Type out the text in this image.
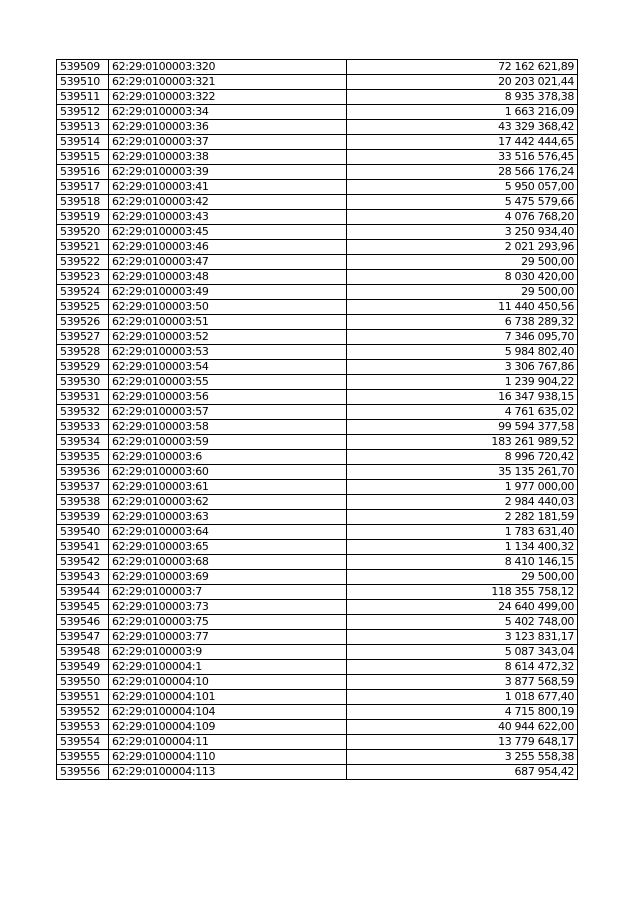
539509	62:29:0100003:320	72 162 621,89
539510	62:29:0100003:321	20 203 021,44
539511	62:29:0100003:322	8 935 378,38
539512	62:29:0100003:34	1 663 216,09
539513	62:29:0100003:36	43 329 368,42
539514	62:29:0100003:37	17 442 444,65
539515	62:29:0100003:38	33 516 576,45
539516	62:29:0100003:39	28 566 176,24
539517	62:29:0100003:41	5 950 057,00
539518	62:29:0100003:42	5 475 579,66
539519	62:29:0100003:43	4 076 768,20
539520	62:29:0100003:45	3 250 934,40
539521	62:29:0100003:46	2 021 293,96
539522	62:29:0100003:47	29 500,00
539523	62:29:0100003:48	8 030 420,00
539524	62:29:0100003:49	29 500,00
539525	62:29:0100003:50	11 440 450,56
539526	62:29:0100003:51	6 738 289,32
539527	62:29:0100003:52	7 346 095,70
539528	62:29:0100003:53	5 984 802,40
539529	62:29:0100003:54	3 306 767,86
539530	62:29:0100003:55	1 239 904,22
539531	62:29:0100003:56	16 347 938,15
539532	62:29:0100003:57	4 761 635,02
539533	62:29:0100003:58	99 594 377,58
539534	62:29:0100003:59	183 261 989,52
539535	62:29:0100003:6	8 996 720,42
539536	62:29:0100003:60	35 135 261,70
539537	62:29:0100003:61	1 977 000,00
539538	62:29:0100003:62	2 984 440,03
539539	62:29:0100003:63	2 282 181,59
539540	62:29:0100003:64	1 783 631,40
539541	62:29:0100003:65	1 134 400,32
539542	62:29:0100003:68	8 410 146,15
539543	62:29:0100003:69	29 500,00
539544	62:29:0100003:7	118 355 758,12
539545	62:29:0100003:73	24 640 499,00
539546	62:29:0100003:75	5 402 748,00
539547	62:29:0100003:77	3 123 831,17
539548	62:29:0100003:9	5 087 343,04
539549	62:29:0100004:1	8 614 472,32
539550	62:29:0100004:10	3 877 568,59
539551	62:29:0100004:101	1 018 677,40
539552	62:29:0100004:104	4 715 800,19
539553	62:29:0100004:109	40 944 622,00
539554	62:29:0100004:11	13 779 648,17
539555	62:29:0100004:110	3 255 558,38
539556	62:29:0100004:113	687 954,42
